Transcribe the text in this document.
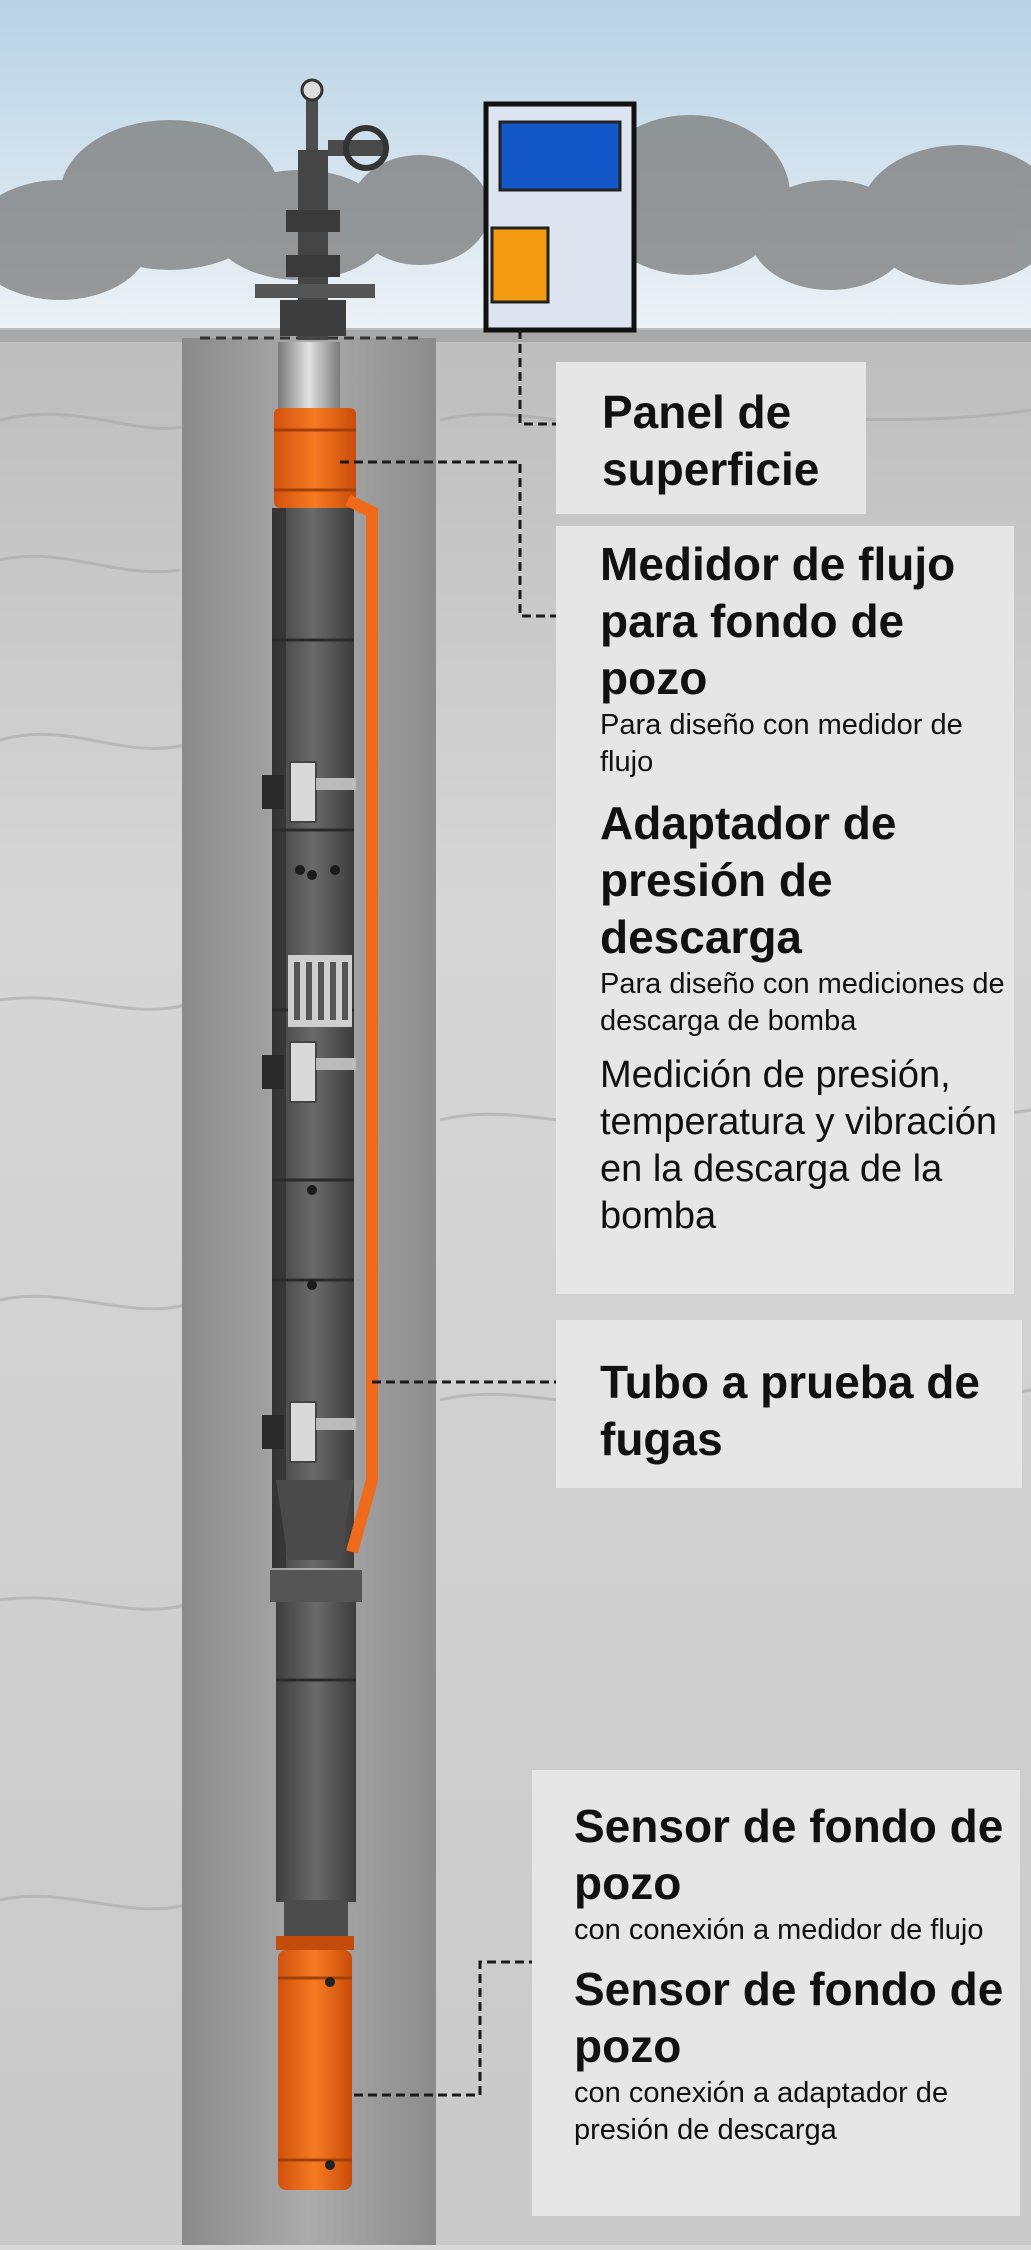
Panel de superficie
Medidor de flujo para fondo de pozo
Para diseño con medidor de flujo
Adaptador de presión de descarga
Para diseño con mediciones de descarga de bomba
Medición de presión, temperatura y vibración en la descarga de la bomba
Tubo a prueba de fugas
Sensor de fondo de pozo
con conexión a medidor de flujo
Sensor de fondo de pozo
con conexión a adaptador de presión de descarga
